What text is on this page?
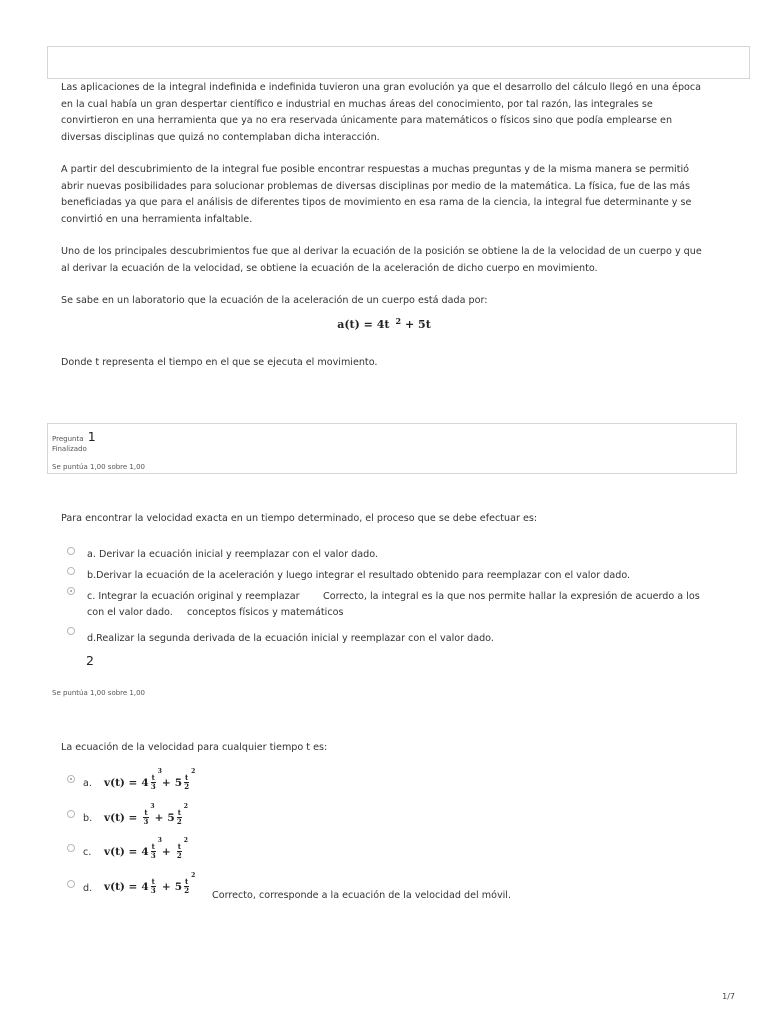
Las aplicaciones de la integral indefinida e indefinida tuvieron una gran evolución ya que el desarrollo del cálculo llegó en una época en la cual había un gran despertar científico e industrial en muchas áreas del conocimiento, por tal razón, las integrales se convirtieron en una herramienta que ya no era reservada únicamente para matemáticos o físicos sino que podía emplearse en diversas disciplinas que quizá no contemplaban dicha interacción.

A partir del descubrimiento de la integral fue posible encontrar respuestas a muchas preguntas y de la misma manera se permitió abrir nuevas posibilidades para solucionar problemas de diversas disciplinas por medio de la matemática. La física, fue de las más beneficiadas ya que para el análisis de diferentes tipos de movimiento en esa rama de la ciencia, la integral fue determinante y se convirtió en una herramienta infaltable.

Uno de los principales descubrimientos fue que al derivar la ecuación de la posición se obtiene la de la velocidad de un cuerpo y que al derivar la ecuación de la velocidad, se obtiene la ecuación de la aceleración de dicho cuerpo en movimiento.

Se sabe en un laboratorio que la ecuación de la aceleración de un cuerpo está dada por:

a(t) = 4t $^2$ + 5t
Donde t representa el tiempo en el que se ejecuta el movimiento.
Pregunta 1
Finalizado
Se puntúa 1,00 sobre 1,00
Para encontrar la velocidad exacta en un tiempo determinado, el proceso que se debe efectuar es:
a. Derivar la ecuación inicial y reemplazar con el valor dado.
b.Derivar la ecuación de la aceleración y luego integrar el resultado obtenido para reemplazar con el valor dado.
c. Integrar la ecuación original y reemplazar Correcto, la integral es la que nos permite hallar la expresión de acuerdo a los
con el valor dado. conceptos físicos y matemáticos
d.Realizar la segunda derivada de la ecuación inicial y reemplazar con el valor dado.
2
Se puntúa 1,00 sobre 1,00
La ecuación de la velocidad para cualquier tiempo t es:
a. v(t) = 4 t
3
3 + 5 t
2
2
b. v(t) = t
3
3 + 5 t
2
2
c. v(t) = 4 t
3
3 + t
2
2
d. $v(t) = 4 \frac{t}{3} + 5$ t
2
2
Correcto, corresponde a la ecuación de la velocidad del móvil.
1/7
